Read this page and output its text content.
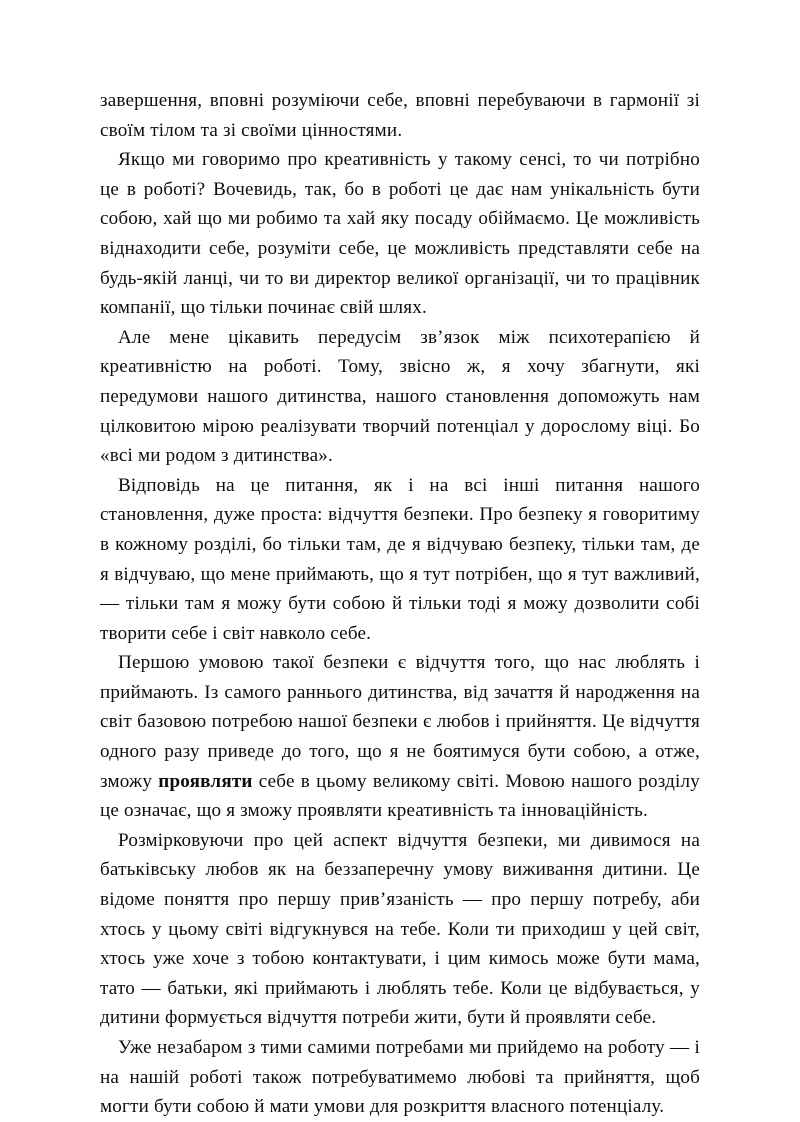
завершення, вповні розуміючи себе, вповні перебуваючи в гармонії зі своїм тілом та зі своїми цінностями.

Якщо ми говоримо про креативність у такому сенсі, то чи потрібно це в роботі? Вочевидь, так, бо в роботі це дає нам унікальність бути собою, хай що ми робимо та хай яку посаду обіймаємо. Це можливість віднаходити себе, розуміти себе, це можливість представляти себе на будь-якій ланці, чи то ви директор великої організації, чи то працівник компанії, що тільки починає свій шлях.

Але мене цікавить передусім зв’язок між психотерапією й креативністю на роботі. Тому, звісно ж, я хочу збагнути, які передумови нашого дитинства, нашого становлення допоможуть нам цілковитою мірою реалізувати творчий потенціал у дорослому віці. Бо «всі ми родом з дитинства».

Відповідь на це питання, як і на всі інші питання нашого становлення, дуже проста: відчуття безпеки. Про безпеку я говоритиму в кожному розділі, бо тільки там, де я відчуваю безпеку, тільки там, де я відчуваю, що мене приймають, що я тут потрібен, що я тут важливий, — тільки там я можу бути собою й тільки тоді я можу дозволити собі творити себе і світ навколо себе.

Першою умовою такої безпеки є відчуття того, що нас люблять і приймають. Із самого раннього дитинства, від зачаття й народження на світ базовою потребою нашої безпеки є любов і прийняття. Це відчуття одного разу приведе до того, що я не боятимуся бути собою, а отже, зможу проявляти себе в цьому великому світі. Мовою нашого розділу це означає, що я зможу проявляти креативність та інноваційність.

Розмірковуючи про цей аспект відчуття безпеки, ми дивимося на батьківську любов як на беззаперечну умову виживання дитини. Це відоме поняття про першу прив’язаність — про першу потребу, аби хтось у цьому світі відгукнувся на тебе. Коли ти приходиш у цей світ, хтось уже хоче з тобою контактувати, і цим кимось може бути мама, тато — батьки, які приймають і люблять тебе. Коли це відбувається, у дитини формується відчуття потреби жити, бути й проявляти себе.

Уже незабаром з тими самими потребами ми прийдемо на роботу — і на нашій роботі також потребуватимемо любові та прийняття, щоб могти бути собою й мати умови для розкриття власного потенціалу.
